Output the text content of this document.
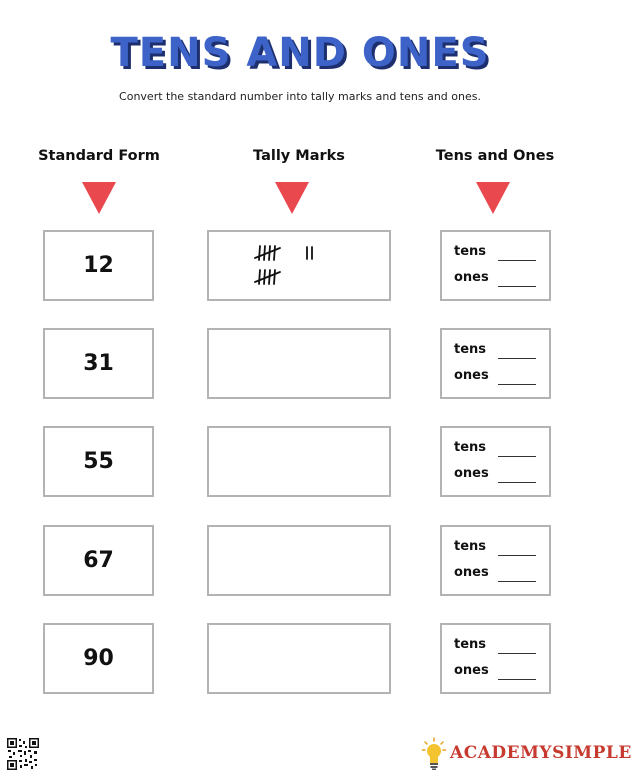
TENS AND ONES

Convert the standard number into tally marks and tens and ones.

Standard Form	Tally Marks	Tens and Ones
12
tens
ones
31
tens
ones
55
tens
ones
67
tens
ones
90
tens
ones
ACADEMYSIMPLE
